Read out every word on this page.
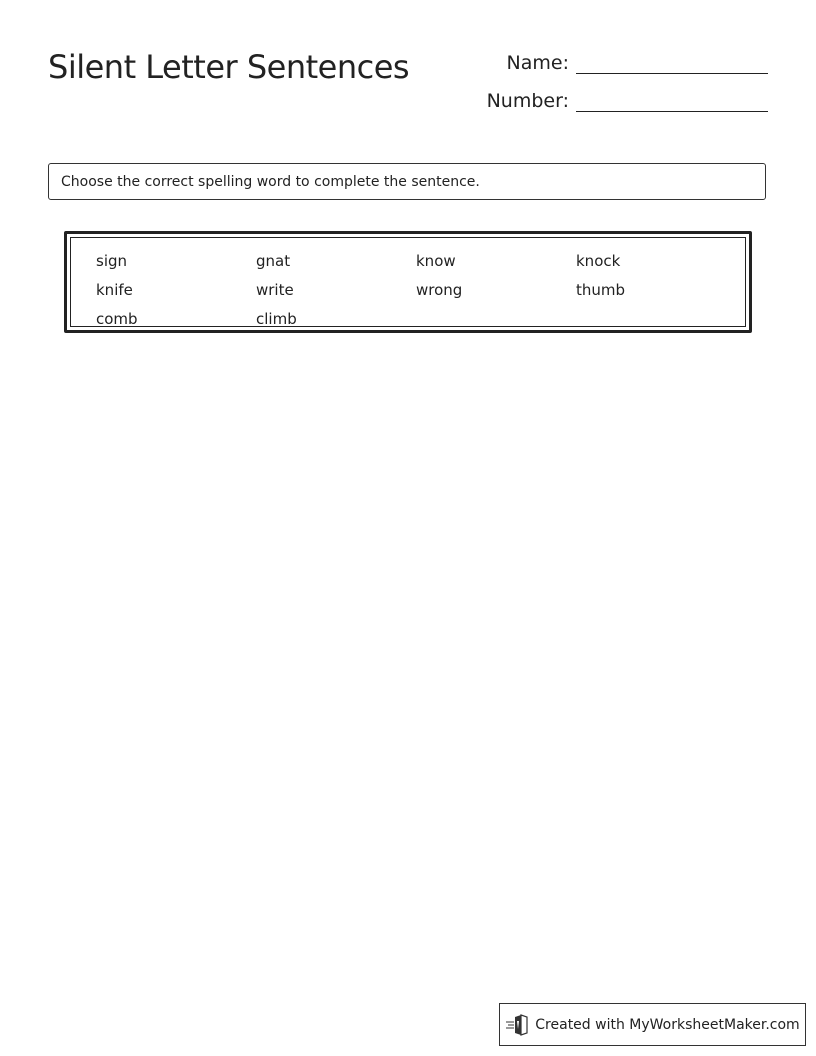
Silent Letter Sentences	Name:
Number:
Choose the correct spelling word to complete the sentence.
sign	gnat	know	knock
knife	write	wrong	thumb
comb	climb
Created with MyWorksheetMaker.com
